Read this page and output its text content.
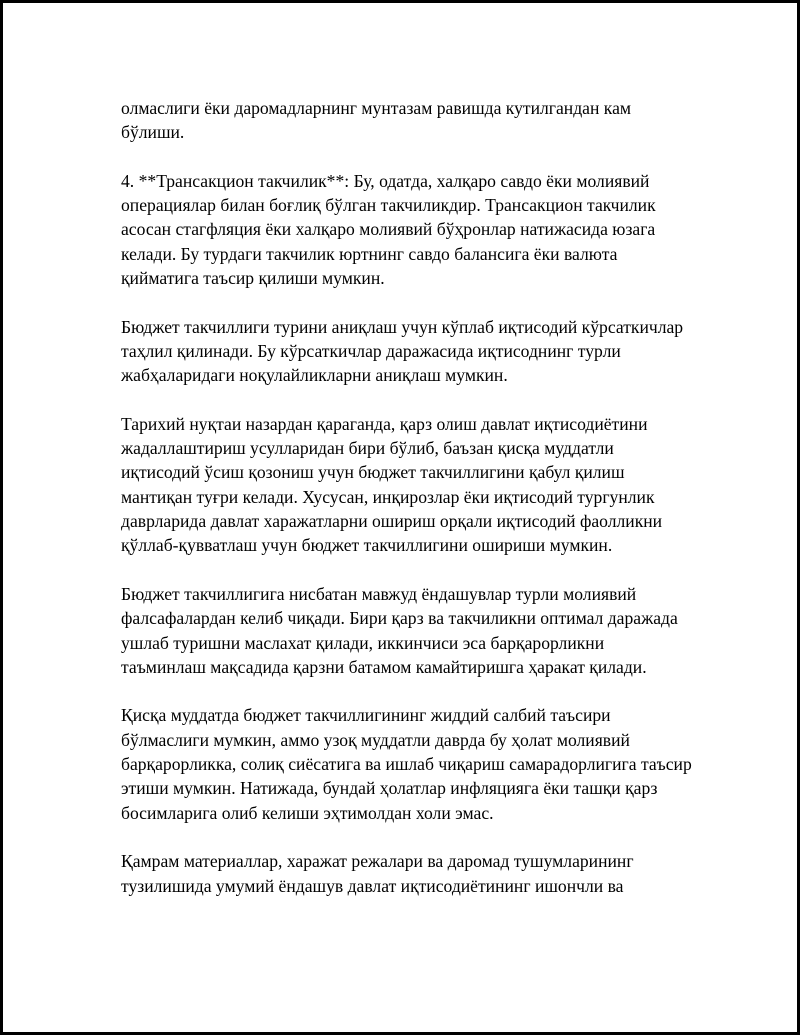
олмаслиги ёки даромадларнинг мунтазам равишда кутилгандан кам бўлиши.

4. **Трансакцион такчилик**: Бу, одатда, халқаро савдо ёки молиявий операциялар билан боғлиқ бўлган такчиликдир. Трансакцион такчилик асосан стагфляция ёки халқаро молиявий бўҳронлар натижасида юзага келади. Бу турдаги такчилик юртнинг савдо балансига ёки валюта қийматига таъсир қилиши мумкин.

Бюджет такчиллиги турини аниқлаш учун кўплаб иқтисодий кўрсаткичлар таҳлил қилинади. Бу кўрсаткичлар даражасида иқтисоднинг турли жабҳаларидаги ноқулайликларни аниқлаш мумкин.

Тарихий нуқтаи назардан қараганда, қарз олиш давлат иқтисодиётини жадаллаштириш усулларидан бири бўлиб, баъзан қисқа муддатли иқтисодий ўсиш қозониш учун бюджет такчиллигини қабул қилиш мантиқан туғри келади. Хусусан, инқирозлар ёки иқтисодий тургунлик даврларида давлат харажатларни ошириш орқали иқтисодий фаолликни қўллаб-қувватлаш учун бюджет такчиллигини ошириши мумкин.

Бюджет такчиллигига нисбатан мавжуд ёндашувлар турли молиявий фалсафалардан келиб чиқади. Бири қарз ва такчиликни оптимал даражада ушлаб туришни маслахат қилади, иккинчиси эса барқарорликни таъминлаш мақсадида қарзни батамом камайтиришга ҳаракат қилади.

Қисқа муддатда бюджет такчиллигининг жиддий салбий таъсири бўлмаслиги мумкин, аммо узоқ муддатли даврда бу ҳолат молиявий барқарорликка, солиқ сиёсатига ва ишлаб чиқариш самарадорлигига таъсир этиши мумкин. Натижада, бундай ҳолатлар инфляцияга ёки ташқи қарз босимларига олиб келиши эҳтимолдан холи эмас.

Қамрам материаллар, харажат режалари ва даромад тушумларининг тузилишида умумий ёндашув давлат иқтисодиётининг ишончли ва
